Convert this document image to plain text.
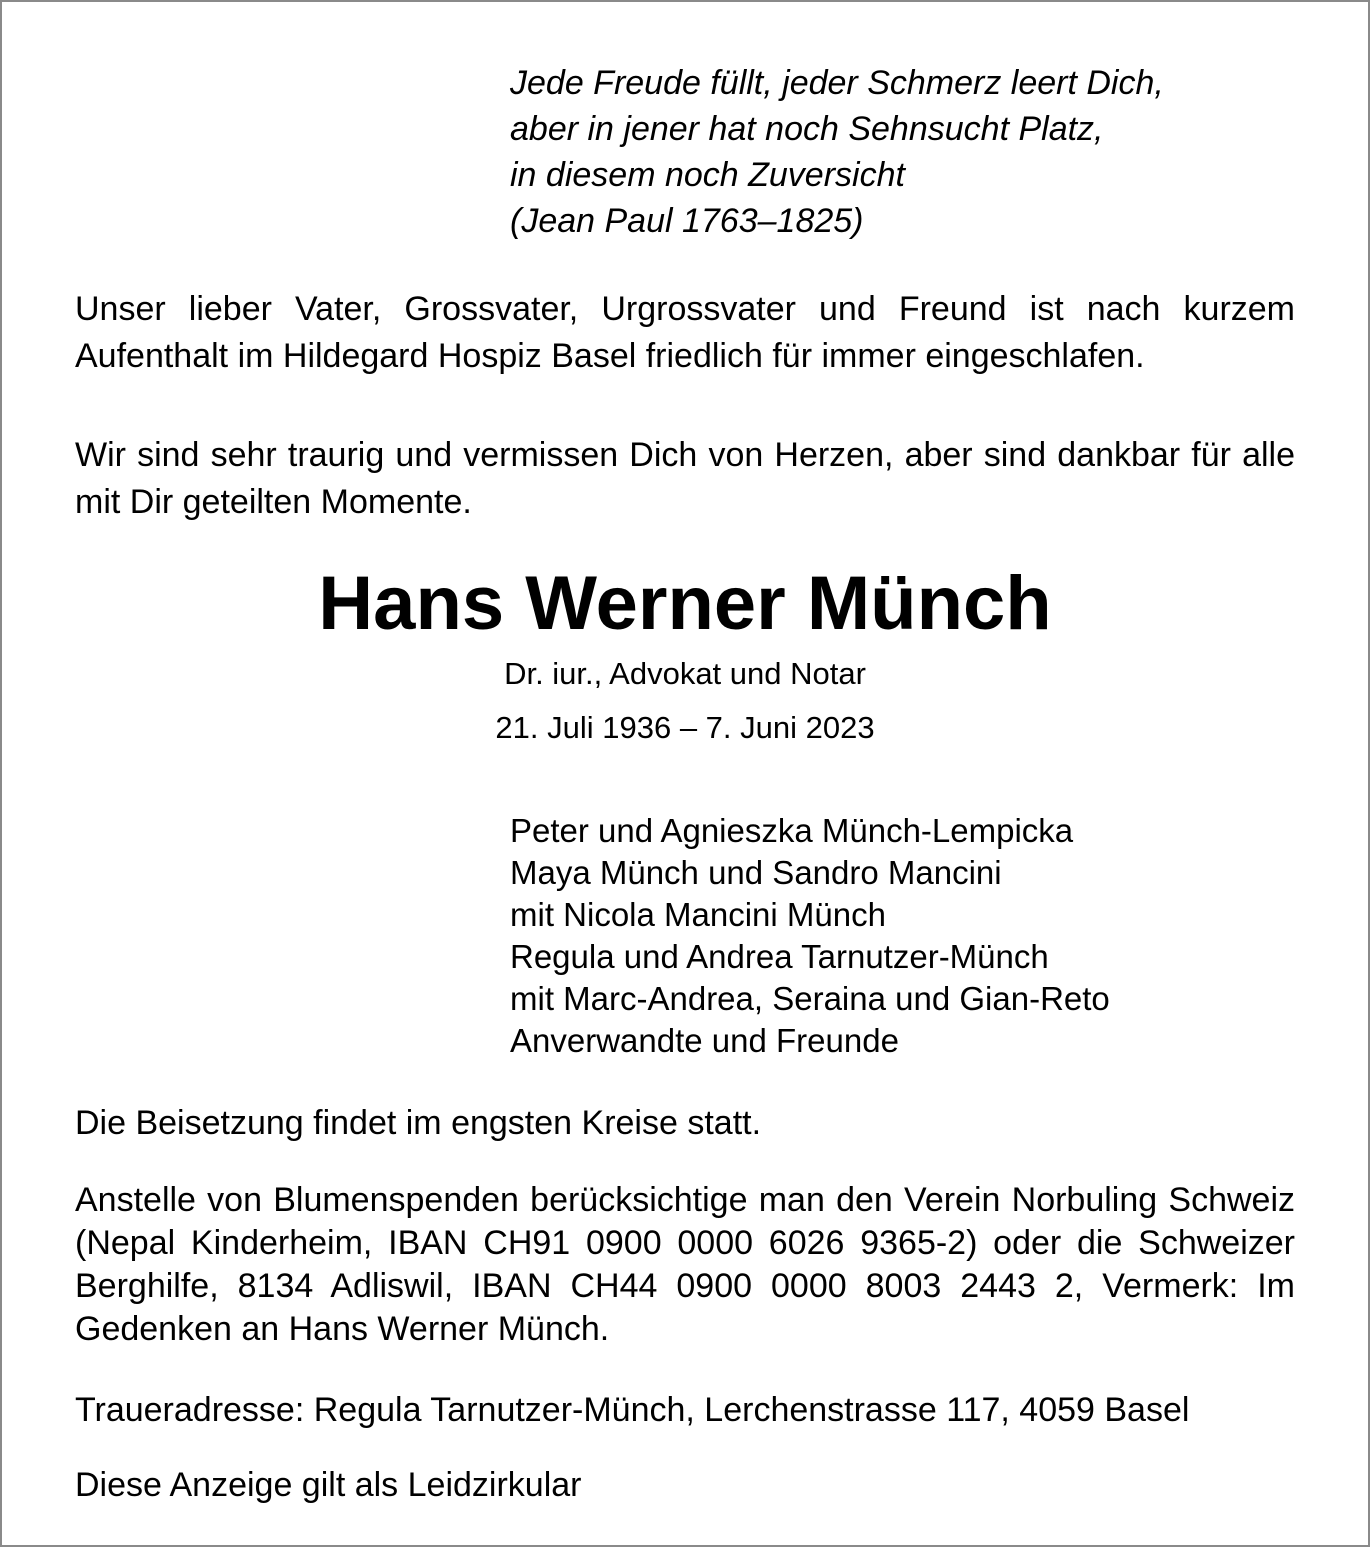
Jede Freude füllt, jeder Schmerz leert Dich,
aber in jener hat noch Sehnsucht Platz,
in diesem noch Zuversicht
(Jean Paul 1763–1825)

Unser lieber Vater, Grossvater, Urgrossvater und Freund ist nach kurzem Aufenthalt im Hildegard Hospiz Basel friedlich für immer eingeschlafen.

Wir sind sehr traurig und vermissen Dich von Herzen, aber sind dankbar für alle mit Dir geteilten Momente.

Hans Werner Münch
Dr. iur., Advokat und Notar
21. Juli 1936 – 7. Juni 2023
Peter und Agnieszka Münch-Lempicka
Maya Münch und Sandro Mancini
mit Nicola Mancini Münch
Regula und Andrea Tarnutzer-Münch
mit Marc-Andrea, Seraina und Gian-Reto
Anverwandte und Freunde

Die Beisetzung findet im engsten Kreise statt.

Anstelle von Blumenspenden berücksichtige man den Verein Norbuling Schweiz (Nepal Kinderheim, IBAN CH91 0900 0000 6026 9365-2) oder die Schweizer Berghilfe, 8134 Adliswil, IBAN CH44 0900 0000 8003 2443 2, Vermerk: Im Gedenken an Hans Werner Münch.

Traueradresse: Regula Tarnutzer-Münch, Lerchenstrasse 117, 4059 Basel

Diese Anzeige gilt als Leidzirkular
